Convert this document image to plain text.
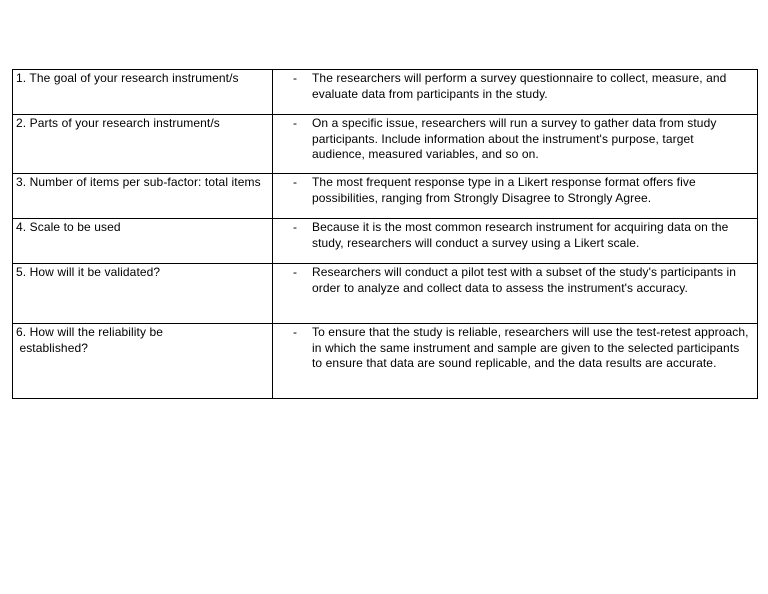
1. The goal of your research instrument/s	- The researchers will perform a survey questionnaire to collect, measure, and evaluate data from participants in the study.
2. Parts of your research instrument/s	- On a specific issue, researchers will run a survey to gather data from study participants. Include information about the instrument's purpose, target audience, measured variables, and so on.
3. Number of items per sub-factor: total items	- The most frequent response type in a Likert response format offers five possibilities, ranging from Strongly Disagree to Strongly Agree.
4. Scale to be used	- Because it is the most common research instrument for acquiring data on the study, researchers will conduct a survey using a Likert scale.
5. How will it be validated?	- Researchers will conduct a pilot test with a subset of the study's participants in order to analyze and collect data to assess the instrument's accuracy.
6. How will the reliability be
established?	- To ensure that the study is reliable, researchers will use the test-retest approach, in which the same instrument and sample are given to the selected participants to ensure that data are sound replicable, and the data results are accurate.
